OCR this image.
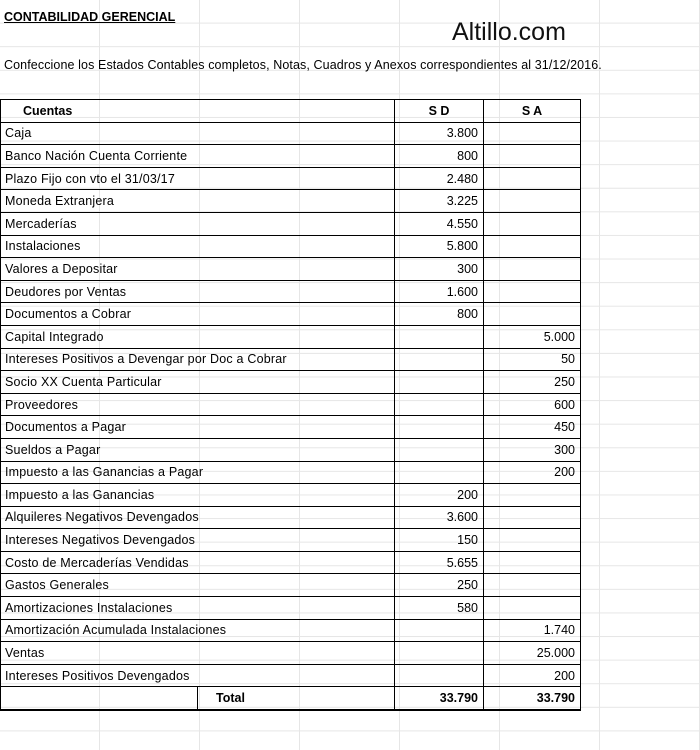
CONTABILIDAD GERENCIAL
Altillo.com
Confeccione los Estados Contables completos, Notas, Cuadros y Anexos correspondientes al 31/12/2016.
Cuentas	S D	S A
Caja	3.800	
Banco Nación Cuenta Corriente	800	
Plazo Fijo con vto el 31/03/17	2.480	
Moneda Extranjera	3.225	
Mercaderías	4.550	
Instalaciones	5.800	
Valores a Depositar	300	
Deudores por Ventas	1.600	
Documentos a Cobrar	800	
Capital Integrado		5.000
Intereses Positivos a Devengar por Doc a Cobrar		50
Socio XX Cuenta Particular		250
Proveedores		600
Documentos a Pagar		450
Sueldos a Pagar		300
Impuesto a las Ganancias a Pagar		200
Impuesto a las Ganancias	200	
Alquileres Negativos Devengados	3.600	
Intereses Negativos Devengados	150	
Costo de Mercaderías Vendidas	5.655	
Gastos Generales	250	
Amortizaciones Instalaciones	580	
Amortización Acumulada Instalaciones		1.740
Ventas		25.000
Intereses Positivos Devengados		200

Total	33.790	33.790
